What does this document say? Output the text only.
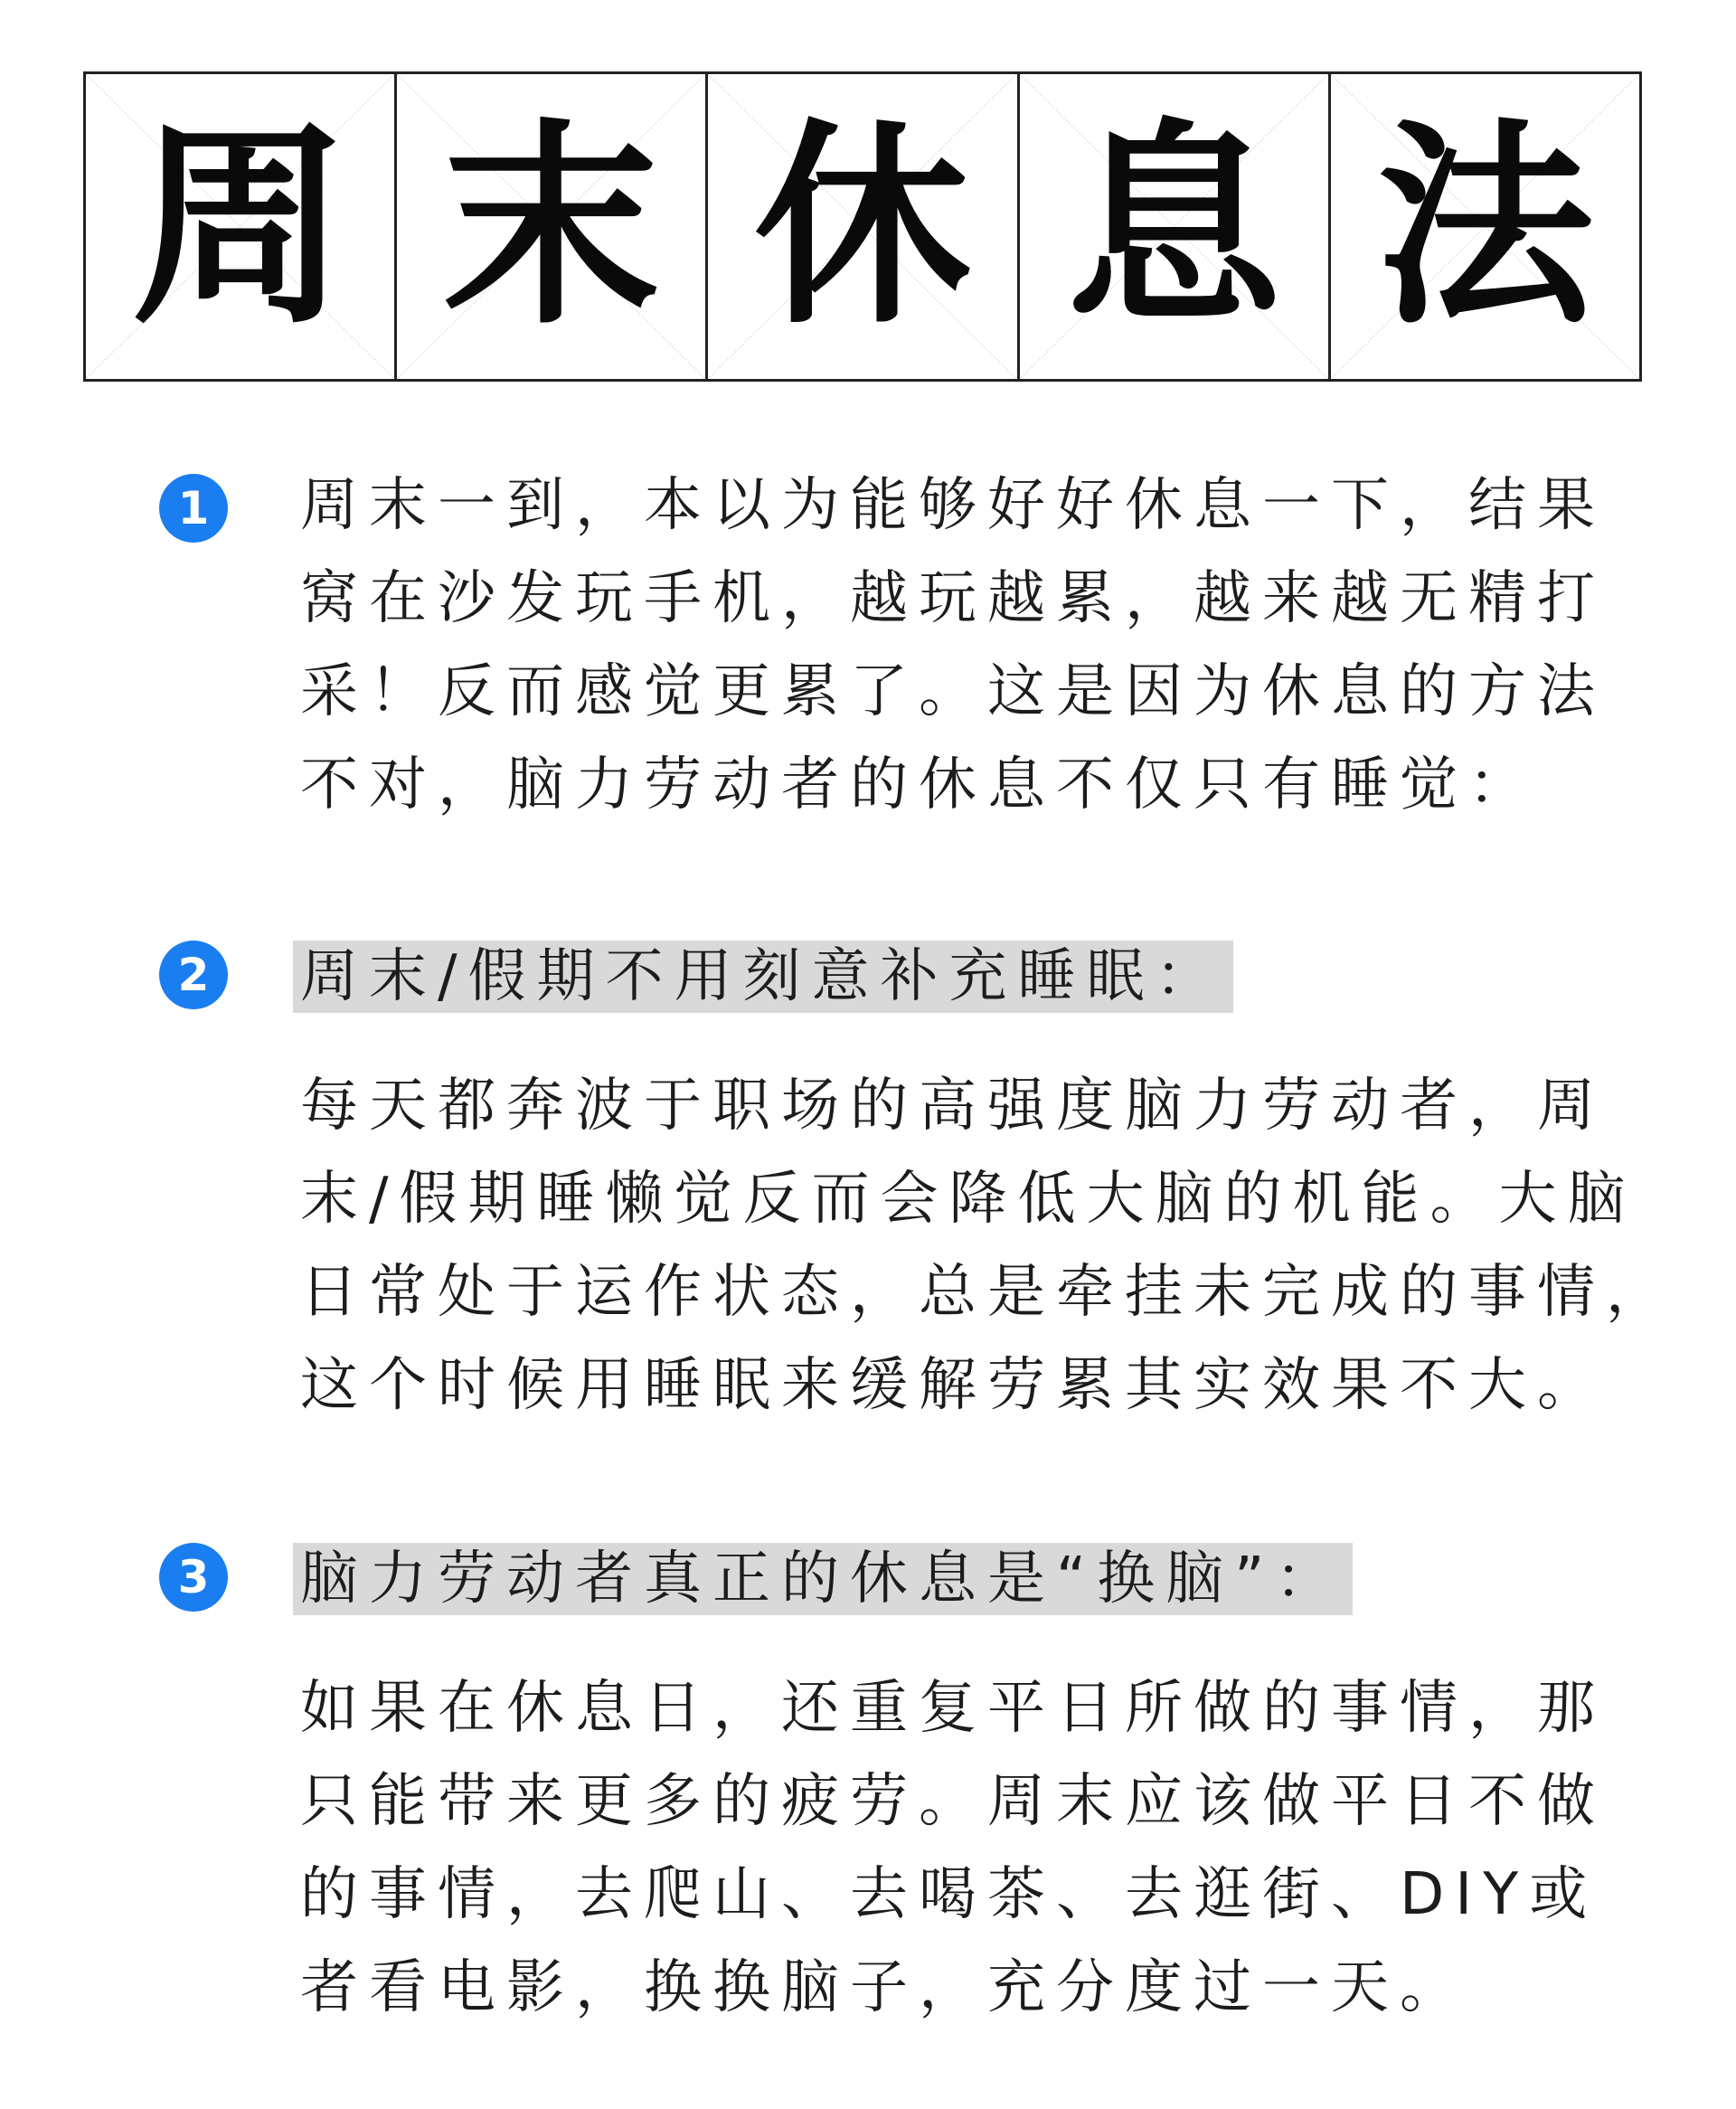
周 末 休 息 法
1	周末一到，本以为能够好好休息一下，结果
窝在沙发玩手机，越玩越累，越来越无精打
采！反而感觉更累了。这是因为休息的方法
不对，脑力劳动者的休息不仅只有睡觉：
2	周末/假期不用刻意补充睡眠：
每天都奔波于职场的高强度脑力劳动者，周
末/假期睡懒觉反而会降低大脑的机能。大脑
日常处于运作状态，总是牵挂未完成的事情，
这个时候用睡眠来缓解劳累其实效果不大。
3	脑力劳动者真正的休息是“换脑”：
如果在休息日，还重复平日所做的事情，那
只能带来更多的疲劳。周末应该做平日不做
的事情，去爬山、去喝茶、去逛街、DIY或
者看电影，换换脑子，充分度过一天。
